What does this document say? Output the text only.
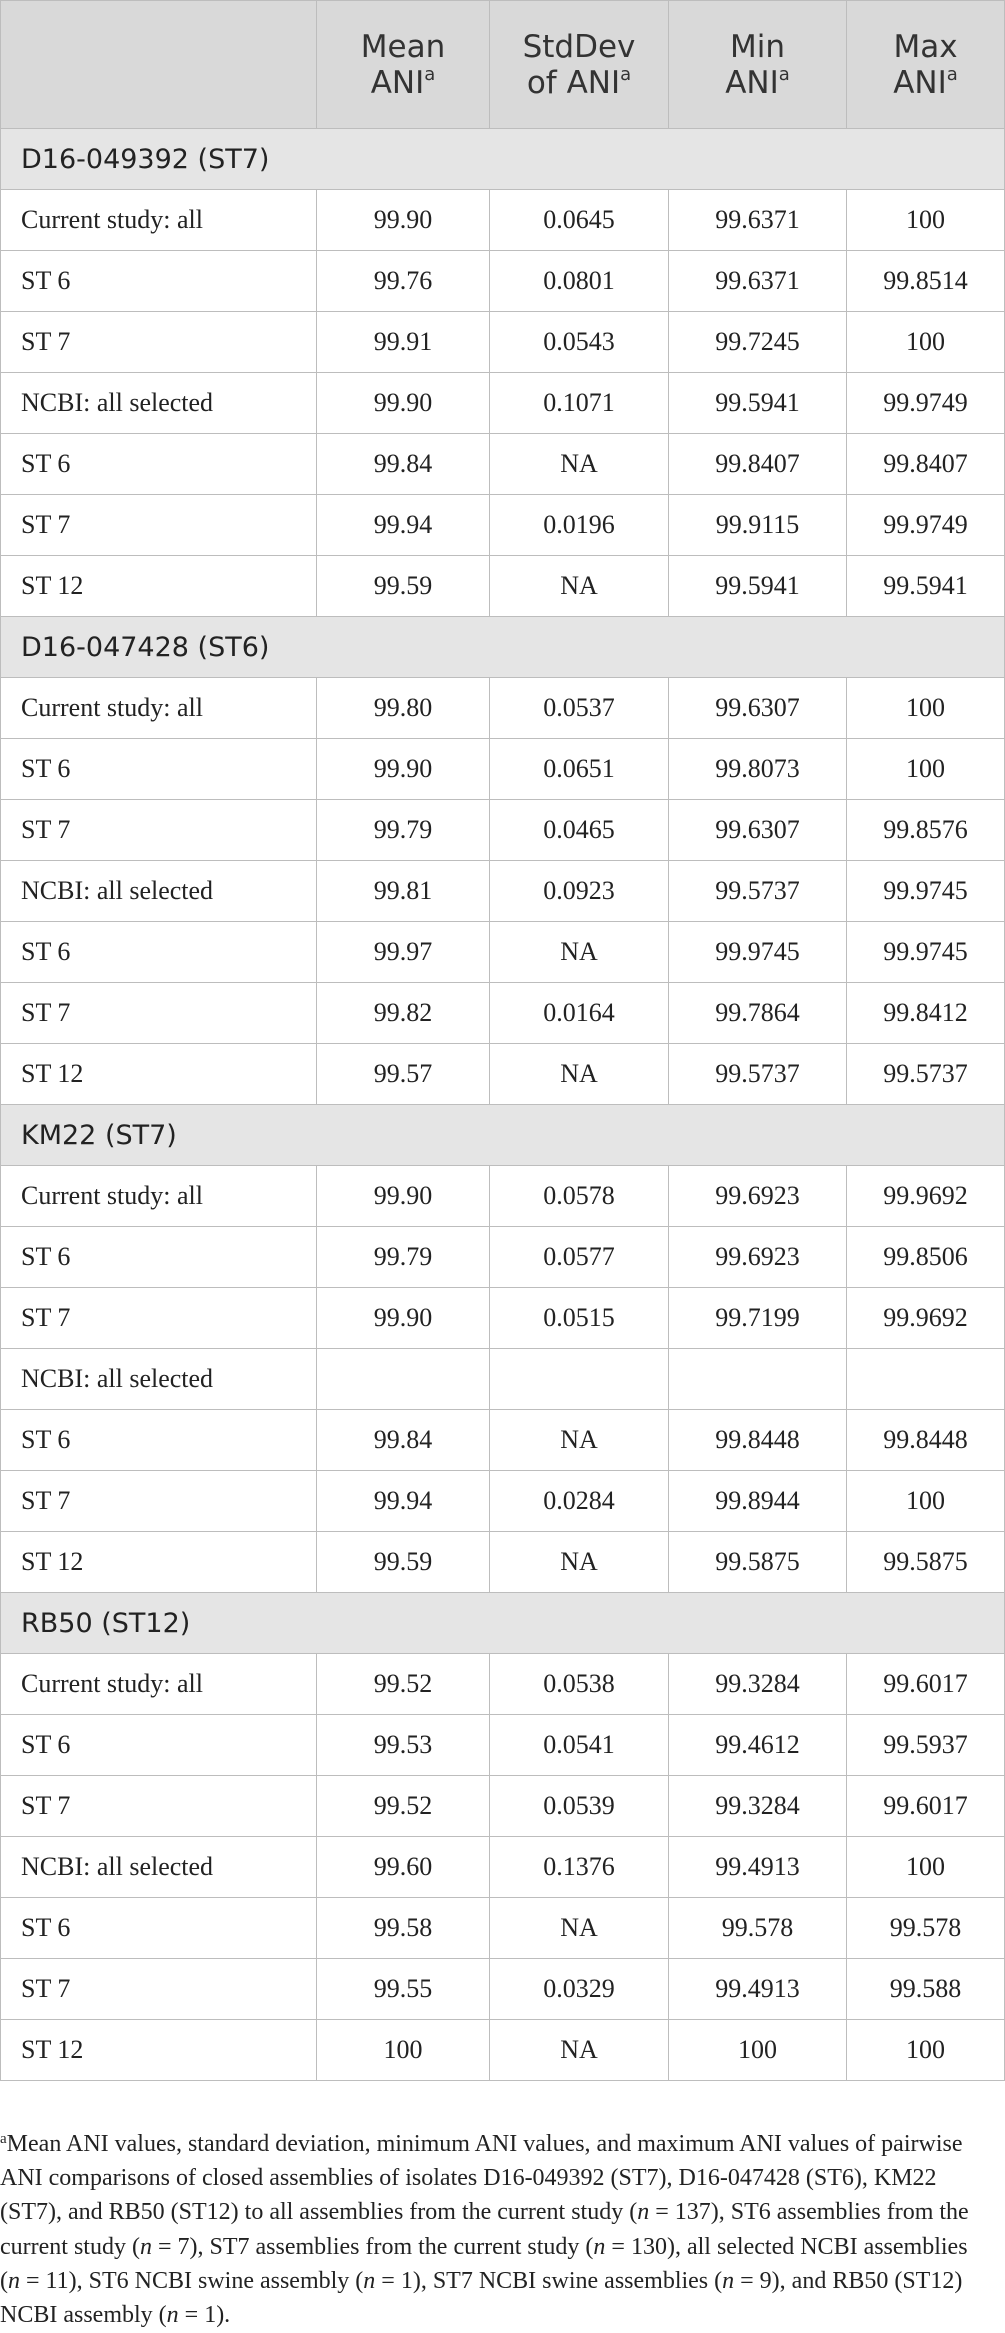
	Mean ANI$^a$	StdDev of ANI$^a$	Min ANI$^a$	Max ANI$^a$

D16-049392 (ST7)				
Current study: all	99.90	0.0645	99.6371	100
ST 6	99.76	0.0801	99.6371	99.8514
ST 7	99.91	0.0543	99.7245	100
NCBI: all selected	99.90	0.1071	99.5941	99.9749
ST 6	99.84	NA	99.8407	99.8407
ST 7	99.94	0.0196	99.9115	99.9749
ST 12	99.59	NA	99.5941	99.5941
D16-047428 (ST6)				
Current study: all	99.80	0.0537	99.6307	100
ST 6	99.90	0.0651	99.8073	100
ST 7	99.79	0.0465	99.6307	99.8576
NCBI: all selected	99.81	0.0923	99.5737	99.9745
ST 6	99.97	NA	99.9745	99.9745
ST 7	99.82	0.0164	99.7864	99.8412
ST 12	99.57	NA	99.5737	99.5737
KM22 (ST7)				
Current study: all	99.90	0.0578	99.6923	99.9692
ST 6	99.79	0.0577	99.6923	99.8506
ST 7	99.90	0.0515	99.7199	99.9692
NCBI: all selected				
ST 6	99.84	NA	99.8448	99.8448
ST 7	99.94	0.0284	99.8944	100
ST 12	99.59	NA	99.5875	99.5875
RB50 (ST12)				
Current study: all	99.52	0.0538	99.3284	99.6017
ST 6	99.53	0.0541	99.4612	99.5937
ST 7	99.52	0.0539	99.3284	99.6017
NCBI: all selected	99.60	0.1376	99.4913	100
ST 6	99.58	NA	99.578	99.578
ST 7	99.55	0.0329	99.4913	99.588
ST 12	100	NA	100	100
$^a$Mean ANI values, standard deviation, minimum ANI values, and maximum ANI values of pairwise ANI comparisons of closed assemblies of isolates D16-049392 (ST7), D16-047428 (ST6), KM22 (ST7), and RB50 (ST12) to all assemblies from the current study (n = 137), ST6 assemblies from the current study (n = 7), ST7 assemblies from the current study (n = 130), all selected NCBI assemblies (n = 11), ST6 NCBI swine assembly (n = 1), ST7 NCBI swine assemblies (n = 9), and RB50 (ST12) NCBI assembly (n = 1).
